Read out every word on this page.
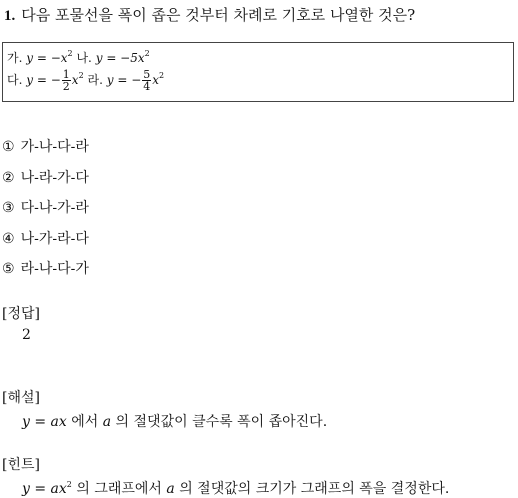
1. 다음 포물선을 폭이 좁은 것부터 차례로 기호로 나열한 것은?
가. $y = -x^2$ 나. $y = -5x^2$
다. y = − $\frac{1}{2} x^2$ 라. y = − $\frac{5}{4} x^2$
① 가-나-다-라
② 나-라-가-다
③ 다-나-가-라
④ 나-가-라-다
⑤ 라-나-다-가
[정답]
2
[해설]
y = ax 에서 a 의 절댓값이 클수록 폭이 좁아진다.
[힌트]
$y = ax^2$ 의 그래프에서 a 의 절댓값의 크기가 그래프의 폭을 결정한다.
